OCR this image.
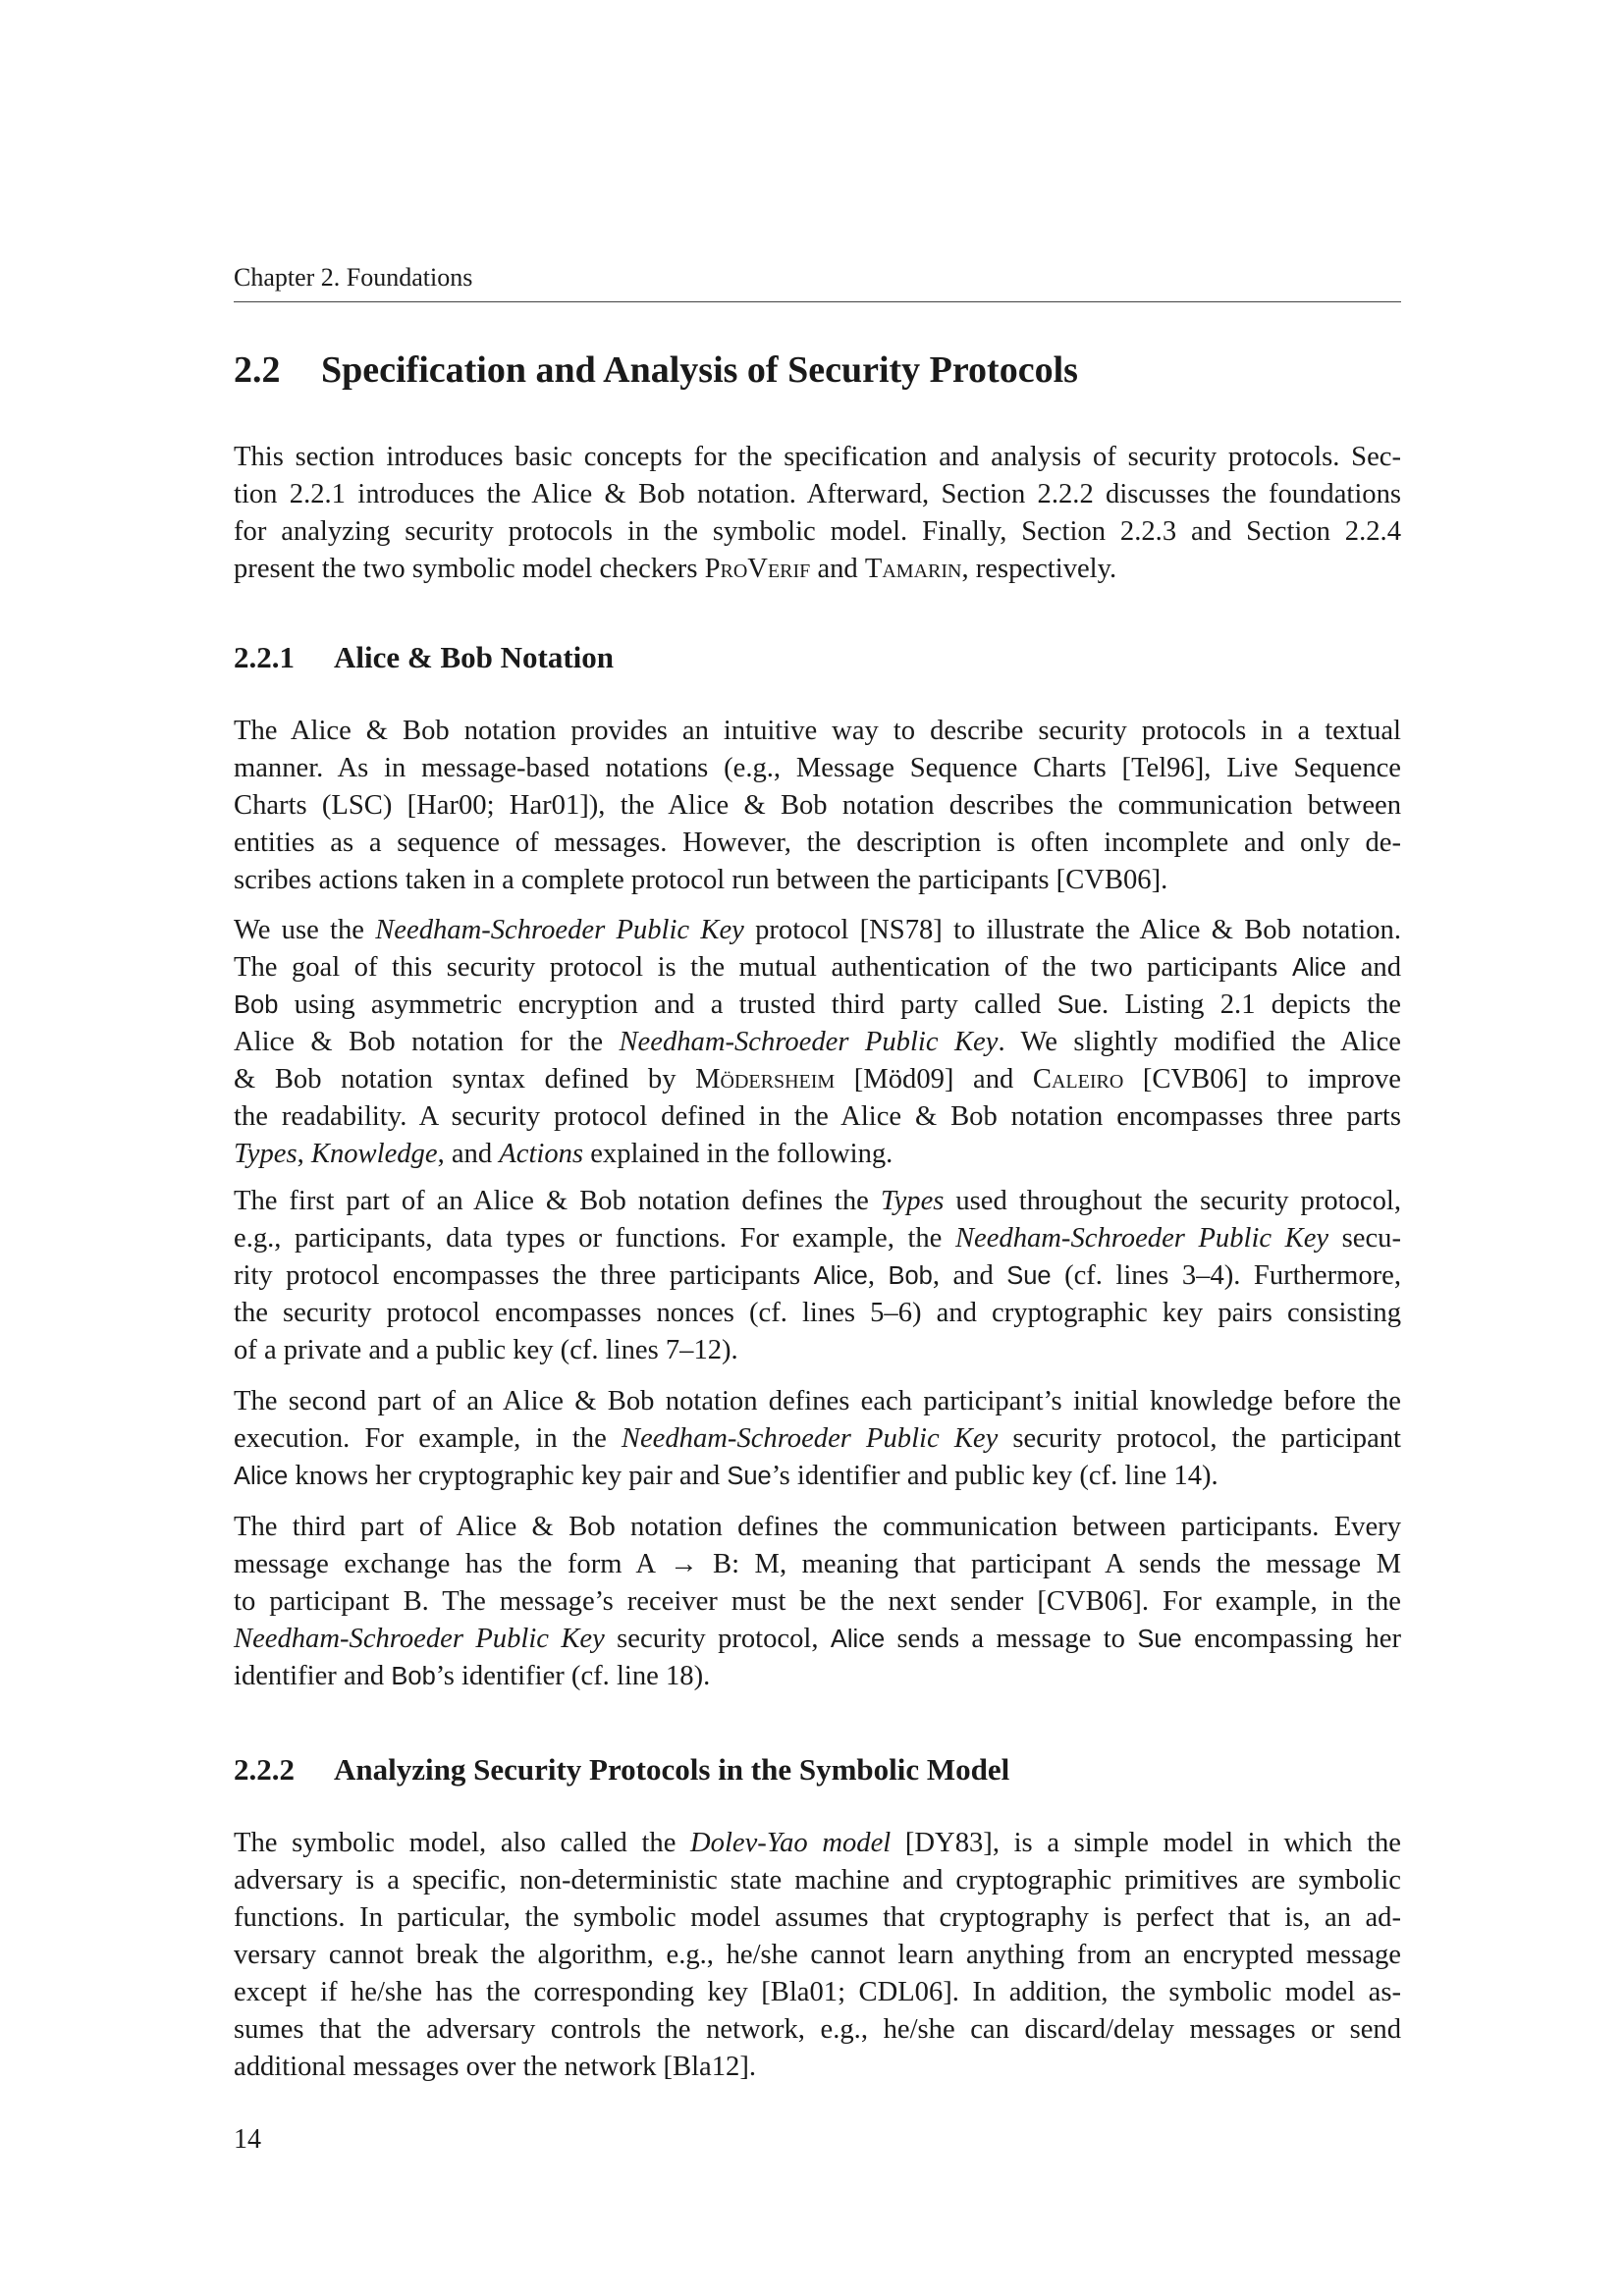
Chapter 2. Foundations
2.2 Specification and Analysis of Security Protocols
This section introduces basic concepts for the specification and analysis of security protocols. Sec-
tion 2.2.1 introduces the Alice & Bob notation. Afterward, Section 2.2.2 discusses the foundations
for analyzing security protocols in the symbolic model. Finally, Section 2.2.3 and Section 2.2.4
present the two symbolic model checkers ProVerif and Tamarin, respectively.
2.2.1 Alice & Bob Notation
The Alice & Bob notation provides an intuitive way to describe security protocols in a textual
manner. As in message-based notations (e.g., Message Sequence Charts [Tel96], Live Sequence
Charts (LSC) [Har00; Har01]), the Alice & Bob notation describes the communication between
entities as a sequence of messages. However, the description is often incomplete and only de-
scribes actions taken in a complete protocol run between the participants [CVB06].
We use the Needham-Schroeder Public Key protocol [NS78] to illustrate the Alice & Bob notation.
The goal of this security protocol is the mutual authentication of the two participants Alice and
Bob using asymmetric encryption and a trusted third party called Sue. Listing 2.1 depicts the
Alice & Bob notation for the Needham-Schroeder Public Key. We slightly modified the Alice
& Bob notation syntax defined by Mödersheim [Möd09] and Caleiro [CVB06] to improve
the readability. A security protocol defined in the Alice & Bob notation encompasses three parts
Types, Knowledge, and Actions explained in the following.
The first part of an Alice & Bob notation defines the Types used throughout the security protocol,
e.g., participants, data types or functions. For example, the Needham-Schroeder Public Key secu-
rity protocol encompasses the three participants Alice, Bob, and Sue (cf. lines 3–4). Furthermore,
the security protocol encompasses nonces (cf. lines 5–6) and cryptographic key pairs consisting
of a private and a public key (cf. lines 7–12).
The second part of an Alice & Bob notation defines each participant’s initial knowledge before the
execution. For example, in the Needham-Schroeder Public Key security protocol, the participant
Alice knows her cryptographic key pair and Sue’s identifier and public key (cf. line 14).
The third part of Alice & Bob notation defines the communication between participants. Every
message exchange has the form A → B: M, meaning that participant A sends the message M
to participant B. The message’s receiver must be the next sender [CVB06]. For example, in the
Needham-Schroeder Public Key security protocol, Alice sends a message to Sue encompassing her
identifier and Bob’s identifier (cf. line 18).
2.2.2 Analyzing Security Protocols in the Symbolic Model
The symbolic model, also called the Dolev-Yao model [DY83], is a simple model in which the
adversary is a specific, non-deterministic state machine and cryptographic primitives are symbolic
functions. In particular, the symbolic model assumes that cryptography is perfect that is, an ad-
versary cannot break the algorithm, e.g., he/she cannot learn anything from an encrypted message
except if he/she has the corresponding key [Bla01; CDL06]. In addition, the symbolic model as-
sumes that the adversary controls the network, e.g., he/she can discard/delay messages or send
additional messages over the network [Bla12].
14
